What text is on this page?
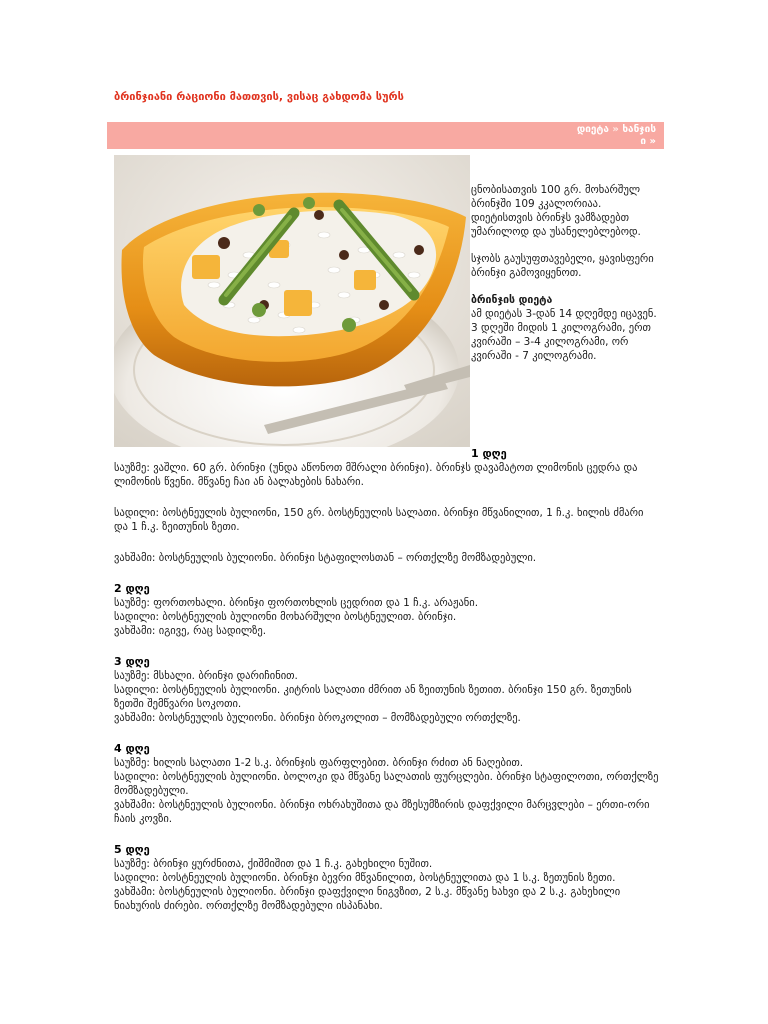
ბრინჯიანი რაციონი მათთვის, ვისაც გახდომა სურს
დიეტა » ხანჯის
ი »

ცნობისათვის 100 გრ. მოხარშულ ბრინჯში 109 კკალორიაა. დიეტისთვის ბრინჯს ვამზადებთ უმარილოდ და უსანელებლებოდ.

სჯობს გაუსუფთავებელი, ყავისფერი ბრინჯი გამოვიყენოთ.

ბრინჯის დიეტა

ამ დიეტას 3-დან 14 დღემდე იცავენ. 3 დღეში მიდის 1 კილოგრამი, ერთ კვირაში – 3-4 კილოგრამი, ორ კვირაში - 7 კილოგრამი.

1 დღე

საუზმე: ვაშლი. 60 გრ. ბრინჯი (უნდა აწონოთ მშრალი ბრინჯი). ბრინჯს დავამატოთ ლიმონის ცედრა და ლიმონის წვენი. მწვანე ჩაი ან ბალახების ნახარი.

სადილი: ბოსტნეულის ბულიონი, 150 გრ. ბოსტნეულის სალათი. ბრინჯი მწვანილით, 1 ჩ.კ. ხილის ძმარი და 1 ჩ.კ. ზეითუნის ზეთი.

ვახშამი: ბოსტნეულის ბულიონი. ბრინჯი სტაფილოსთან – ორთქლზე მომზადებული.

2 დღე

საუზმე: ფორთოხალი. ბრინჯი ფორთოხლის ცედრით და 1 ჩ.კ. არაჟანი.

სადილი: ბოსტნეულის ბულიონი მოხარშული ბოსტნეულით. ბრინჯი.

ვახშამი: იგივე, რაც სადილზე.

3 დღე

საუზმე: მსხალი. ბრინჯი დარიჩინით.

სადილი: ბოსტნეულის ბულიონი. კიტრის სალათი ძმრით ან ზეითუნის ზეთით. ბრინჯი 150 გრ. ზეთუნის ზეთში შემწვარი სოკოთი.

ვახშამი: ბოსტნეულის ბულიონი. ბრინჯი ბროკოლით – მომზადებული ორთქლზე.

4 დღე

საუზმე: ხილის სალათი 1-2 ს.კ. ბრინჯის ფარფლებით. ბრინჯი რძით ან ნაღებით.

სადილი: ბოსტნეულის ბულიონი. ბოლოკი და მწვანე სალათის ფურცლები. ბრინჯი სტაფილოთი, ორთქლზე მომზადებული.

ვახშამი: ბოსტნეულის ბულიონი. ბრინჯი ოხრახუშითა და მზესუმზირის დაფქვილი მარცვლები – ერთი-ორი ჩაის კოვზი.

5 დღე

საუზმე: ბრინჯი ყურძნითა, ქიშმიშით და 1 ჩ.კ. გახეხილი ნუშით.

სადილი: ბოსტნეულის ბულიონი. ბრინჯი ბევრი მწვანილით, ბოსტნეულითა და 1 ს.კ. ზეთუნის ზეთი.

ვახშამი: ბოსტნეულის ბულიონი. ბრინჯი დაფქვილი ნიგვზით, 2 ს.კ. მწვანე ხახვი და 2 ს.კ. გახეხილი ნიახურის ძირები. ორთქლზე მომზადებული ისპანახი.
